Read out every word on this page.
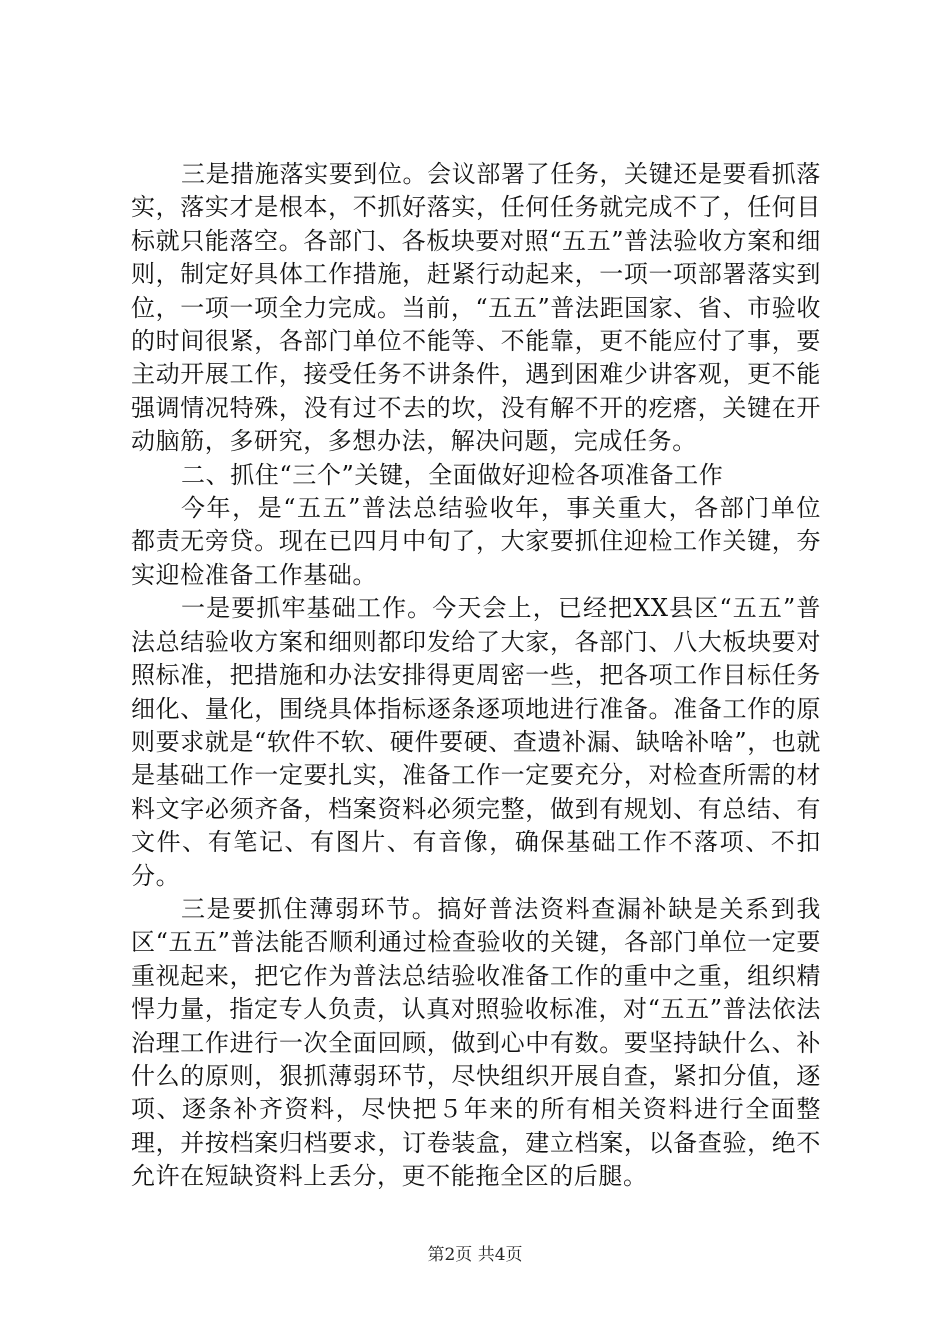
三是措施落实要到位。会议部署了任务，关键还是要看抓落实，落实才是根本，不抓好落实，任何任务就完成不了，任何目标就只能落空。各部门、各板块要对照“五五”普法验收方案和细则，制定好具体工作措施，赶紧行动起来，一项一项部署落实到位，一项一项全力完成。当前，“五五”普法距国家、省、市验收的时间很紧，各部门单位不能等、不能靠，更不能应付了事，要主动开展工作，接受任务不讲条件，遇到困难少讲客观，更不能强调情况特殊，没有过不去的坎，没有解不开的疙瘩，关键在开动脑筋，多研究，多想办法，解决问题，完成任务。

二、抓住“三个”关键，全面做好迎检各项准备工作

今年，是“五五”普法总结验收年，事关重大，各部门单位都责无旁贷。现在已四月中旬了，大家要抓住迎检工作关键，夯实迎检准备工作基础。

一是要抓牢基础工作。今天会上，已经把XX县区“五五”普法总结验收方案和细则都印发给了大家，各部门、八大板块要对照标准，把措施和办法安排得更周密一些，把各项工作目标任务细化、量化，围绕具体指标逐条逐项地进行准备。准备工作的原则要求就是“软件不软、硬件要硬、查遗补漏、缺啥补啥”，也就是基础工作一定要扎实，准备工作一定要充分，对检查所需的材料文字必须齐备，档案资料必须完整，做到有规划、有总结、有文件、有笔记、有图片、有音像，确保基础工作不落项、不扣分。

三是要抓住薄弱环节。搞好普法资料查漏补缺是关系到我区“五五”普法能否顺利通过检查验收的关键，各部门单位一定要重视起来，把它作为普法总结验收准备工作的重中之重，组织精悍力量，指定专人负责，认真对照验收标准，对“五五”普法依法治理工作进行一次全面回顾，做到心中有数。要坚持缺什么、补什么的原则，狠抓薄弱环节，尽快组织开展自查，紧扣分值，逐项、逐条补齐资料，尽快把５年来的所有相关资料进行全面整理，并按档案归档要求，订卷装盒，建立档案，以备查验，绝不允许在短缺资料上丢分，更不能拖全区的后腿。

第2页 共4页
